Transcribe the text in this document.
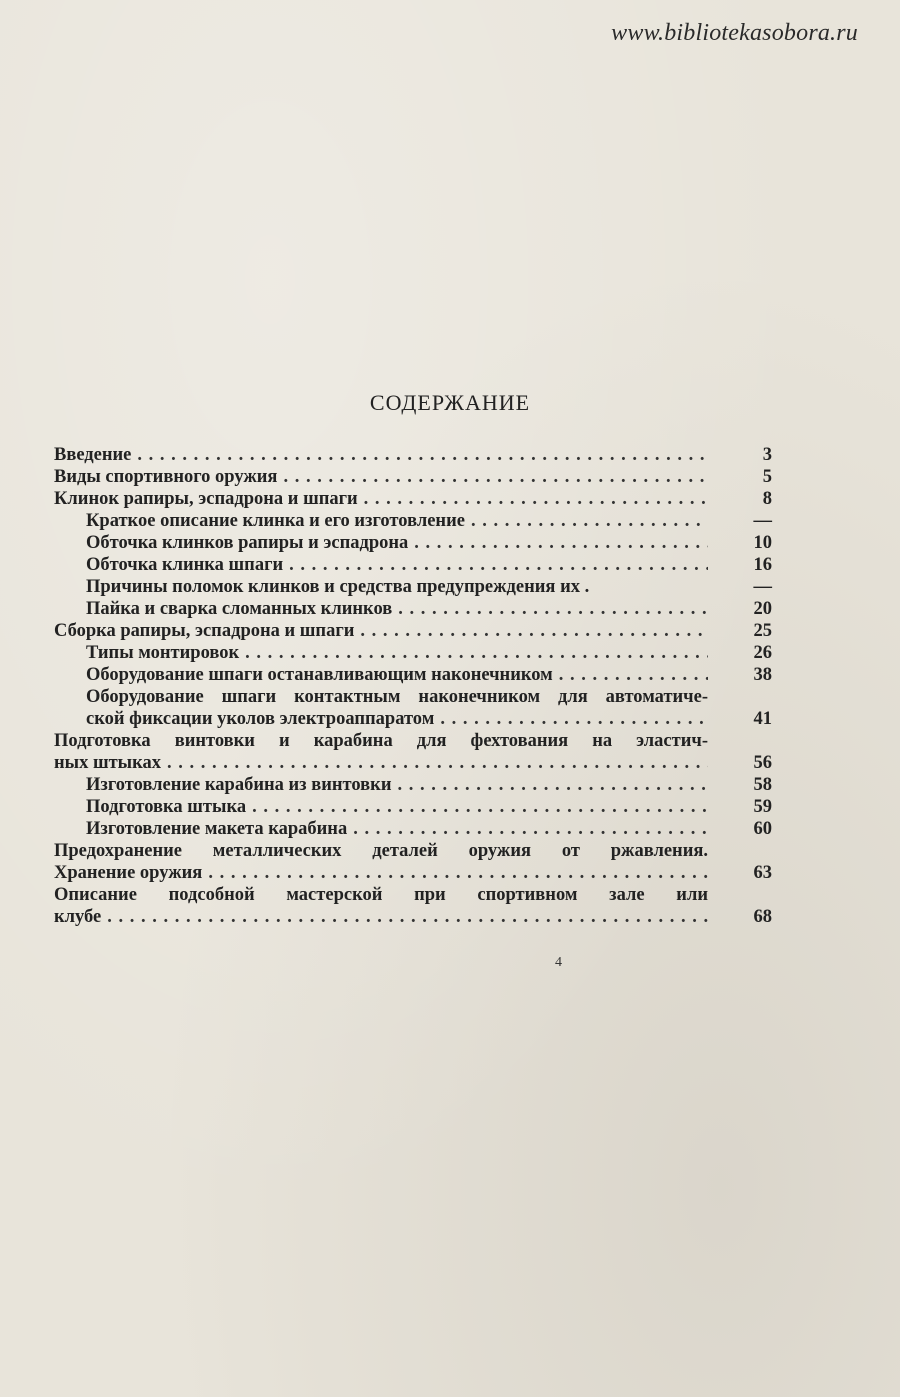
www.bibliotekasobora.ru
СОДЕРЖАНИЕ
Введение . . .	3
Виды спортивного оружия . . .	5
Клинок рапиры, эспадрона и шпаги . . .	8
Краткое описание клинка и его изготовление . . .	—
Обточка клинков рапиры и эспадрона . . .	10
Обточка клинка шпаги . . .	16
Причины поломок клинков и средства предупреждения их .	—
Пайка и сварка сломанных клинков . . .	20
Сборка рапиры, эспадрона и шпаги . . .	25
Типы монтировок . . .	26
Оборудование шпаги останавливающим наконечником . . .	38
Оборудование шпаги контактным наконечником для автоматиче-
ской фиксации уколов электроаппаратом . . .	41
Подготовка винтовки и карабина для фехтования на эластич-
ных штыках . . .	56
Изготовление карабина из винтовки . . .	58
Подготовка штыка . . .	59
Изготовление макета карабина . . .	60
Предохранение металлических деталей оружия от ржавления.
Хранение оружия . . .	63
Описание подсобной мастерской при спортивном зале или
клубе . . .	68
4
